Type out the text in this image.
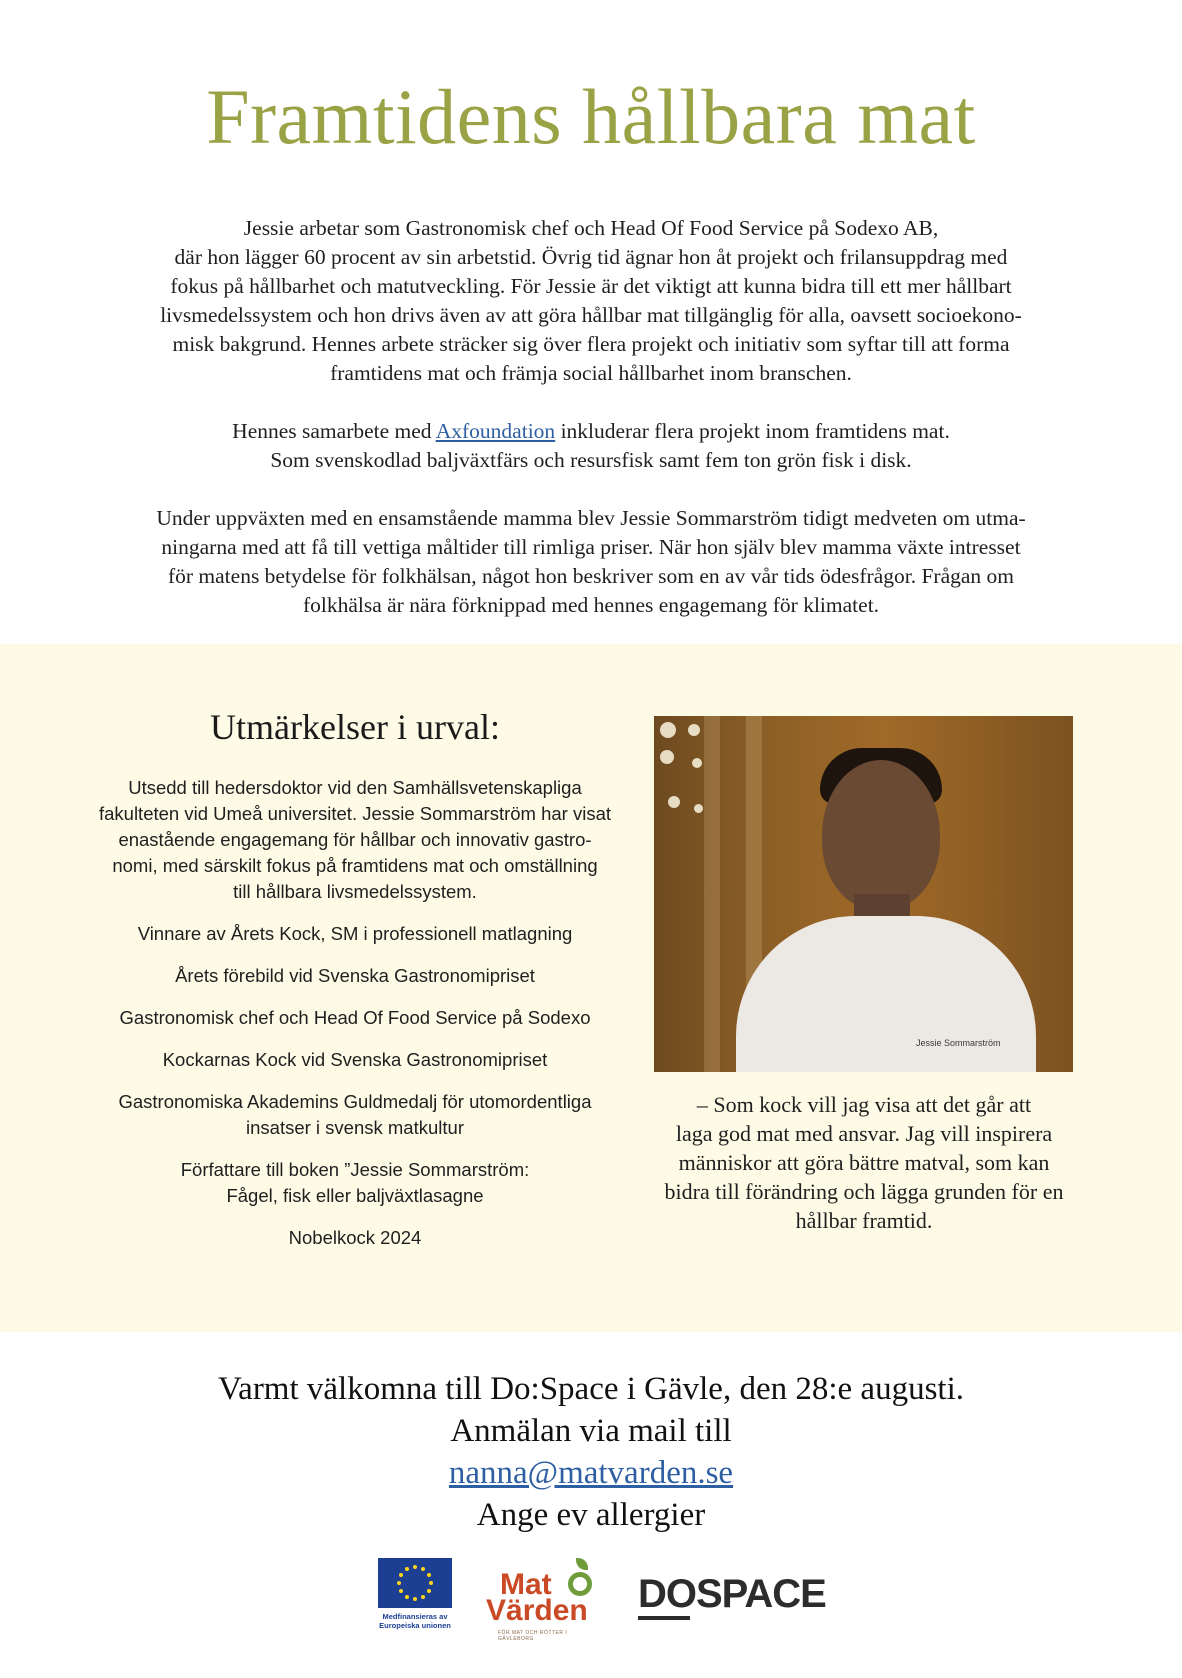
Framtidens hållbara mat

Jessie arbetar som Gastronomisk chef och Head Of Food Service på Sodexo AB,

där hon lägger 60 procent av sin arbetstid. Övrig tid ägnar hon åt projekt och frilansuppdrag med

fokus på hållbarhet och matutveckling. För Jessie är det viktigt att kunna bidra till ett mer hållbart

livsmedelssystem och hon drivs även av att göra hållbar mat tillgänglig för alla, oavsett socioekono-

misk bakgrund. Hennes arbete sträcker sig över flera projekt och initiativ som syftar till att forma

framtidens mat och främja social hållbarhet inom branschen.

Hennes samarbete med Axfoundation inkluderar flera projekt inom framtidens mat.

Som svenskodlad baljväxtfärs och resursfisk samt fem ton grön fisk i disk.

Under uppväxten med en ensamstående mamma blev Jessie Sommarström tidigt medveten om utma-

ningarna med att få till vettiga måltider till rimliga priser. När hon själv blev mamma växte intresset

för matens betydelse för folkhälsan, något hon beskriver som en av vår tids ödesfrågor. Frågan om

folkhälsa är nära förknippad med hennes engagemang för klimatet.

Utmärkelser i urval:
Utsedd till hedersdoktor vid den Samhällsvetenskapliga
fakulteten vid Umeå universitet. Jessie Sommarström har visat
enastående engagemang för hållbar och innovativ gastro-
nomi, med särskilt fokus på framtidens mat och omställning
till hållbara livsmedelssystem.
Vinnare av Årets Kock, SM i professionell matlagning
Årets förebild vid Svenska Gastronomipriset
Gastronomisk chef och Head Of Food Service på Sodexo
Kockarnas Kock vid Svenska Gastronomipriset
Gastronomiska Akademins Guldmedalj för utomordentliga
insatser i svensk matkultur
Författare till boken ”Jessie Sommarström:
Fågel, fisk eller baljväxtlasagne
Nobelkock 2024
Jessie Sommarström
– Som kock vill jag visa att det går att
laga god mat med ansvar. Jag vill inspirera
människor att göra bättre matval, som kan
bidra till förändring och lägga grunden för en
hållbar framtid.
Varmt välkomna till Do:Space i Gävle, den 28:e augusti.
Anmälan via mail till
nanna@matvarden.se
Ange ev allergier
Medfinansieras av
Europeiska unionen
Mat
Värden
FÖR MAT OCH RÖTTER I GÄVLEBORG
DOSPACE
